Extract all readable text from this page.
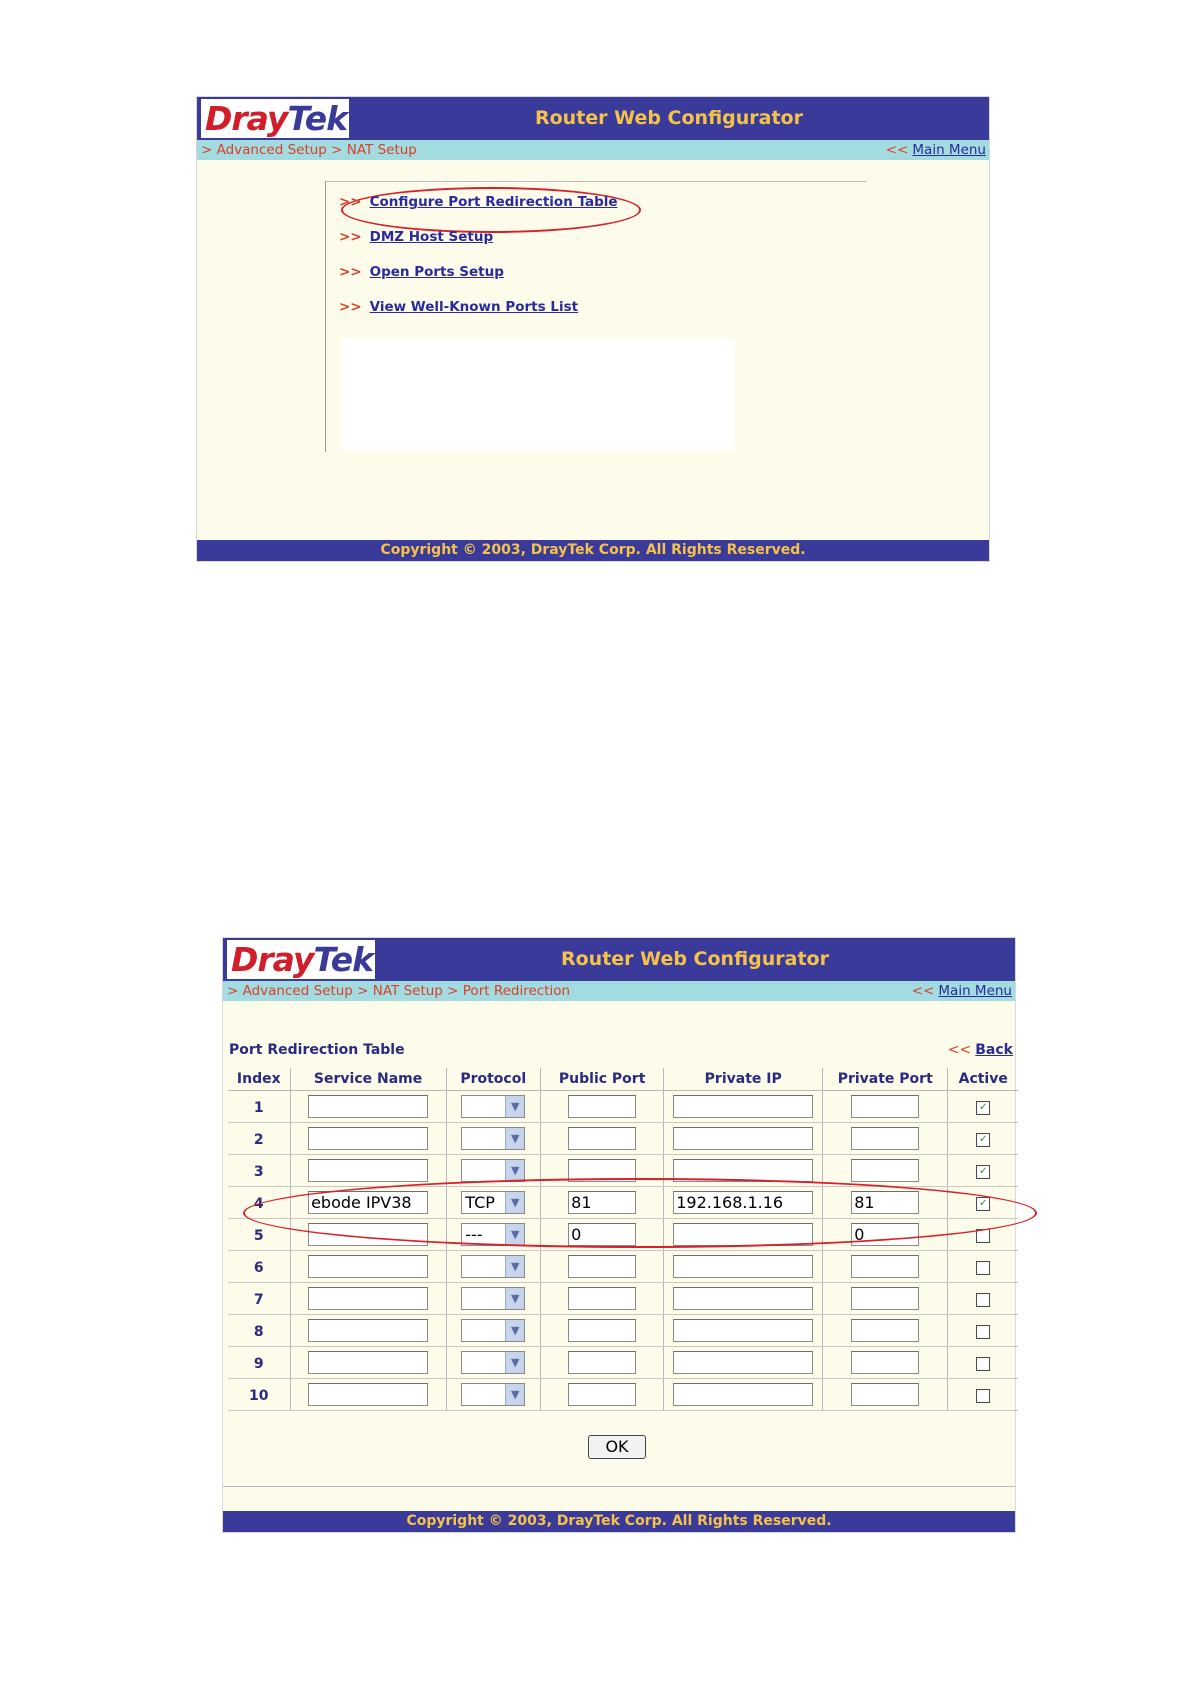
DrayTek	Router Web Configurator
> Advanced Setup > NAT Setup	<< Main Menu
>> Configure Port Redirection Table
>> DMZ Host Setup
>> Open Ports Setup
>> View Well-Known Ports List
Copyright © 2003, DrayTek Corp. All Rights Reserved.
DrayTek	Router Web Configurator
> Advanced Setup > NAT Setup > Port Redirection	<< Main Menu
Port Redirection Table	<< Back
Index	Service Name	Protocol	Public Port	Private IP	Private Port	Active
1		▼				✓
2		▼				✓
3		▼				✓
4	ebode IPV38	TCP ▼	81	192.168.1.16	81	✓
5		--- ▼	0		0	
6		▼				

7		▼				

8		▼				

9		▼				

10		▼				

OK
Copyright © 2003, DrayTek Corp. All Rights Reserved.
